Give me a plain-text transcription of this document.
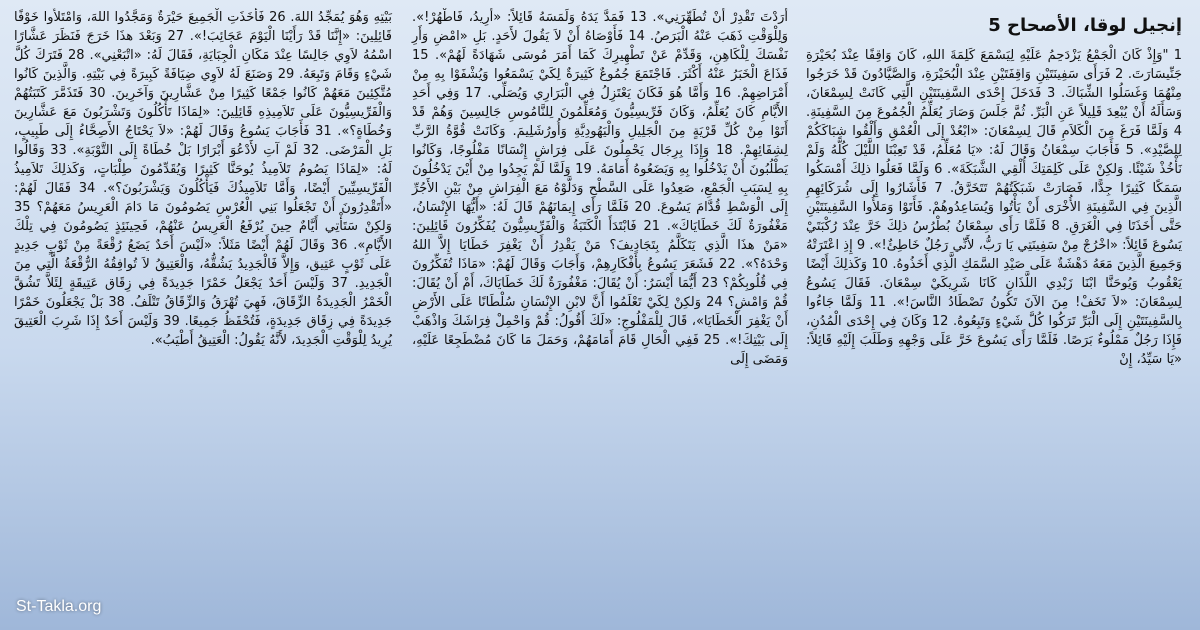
إنجيل لوقا، الأصحاح 5
1 "وَإِذْ كَانَ الْجَمْعُ يَزْدَحِمُ عَلَيْهِ لِيَسْمَعَ كَلِمَةَ اللهِ، كَانَ وَاقِفًا عِنْدَ بُحَيْرَةِ جَنِّيسَارَتَ. 2 فَرَأَى سَفِينَتَيْنِ وَاقِفَتَيْنِ عِنْدَ الْبُحَيْرَةِ، وَالصَّيَّادُونَ قَدْ خَرَجُوا مِنْهُمَا وَغَسَلُوا الشِّبَاكَ. 3 فَدَخَلَ إِحْدَى السَّفِينَتَيْنِ الَّتِي كَانَتْ لِسِمْعَانَ، وَسَأَلَهُ أَنْ يُبْعِدَ قَلِيلاً عَنِ الْبَرِّ. ثُمَّ جَلَسَ وَصَارَ يُعَلِّمُ الْجُمُوعَ مِنَ السَّفِينَةِ. 4 وَلَمَّا فَرَغَ مِنَ الْكَلاَمِ قَالَ لِسِمْعَانَ: «ابْعُدْ إِلَى الْعُمْقِ وَأَلْقُوا شِبَاكَكُمْ لِلصَّيْدِ». 5 فَأَجَابَ سِمْعَانُ وَقَالَ لَهُ: «يَا مُعَلِّمُ، قَدْ تَعِبْنَا اللَّيْلَ كُلَّهُ وَلَمْ نَأْخُذْ شَيْئًا. وَلكِنْ عَلَى كَلِمَتِكَ أُلْقِي الشَّبَكَةَ». 6 وَلَمَّا فَعَلُوا ذلِكَ أَمْسَكُوا سَمَكًا كَثِيرًا جِدًّا، فَصَارَتْ شَبَكَتُهُمْ تَتَخَرَّقُ. 7 فَأَشَارُوا إِلَى شُرَكَائِهِمِ الَّذِينَ فِي السَّفِينَةِ الأُخْرَى أَنْ يَأْتُوا وَيُسَاعِدُوهُمْ. فَأَتَوْا وَمَلأُوا السَّفِينَتَيْنِ حَتَّى أَخَذَتَا فِي الْغَرَقِ. 8 فَلَمَّا رَأَى سِمْعَانُ بُطْرُسُ ذلِكَ خَرَّ عِنْدَ رُكْبَتَيْ يَسُوعَ قَائِلاً: «اخْرُجْ مِنْ سَفِينَتِي يَا رَبُّ، لأَنِّي رَجُلٌ خَاطِئٌ!». 9 إِذِ اعْتَرَتْهُ وَجَمِيعَ الَّذِينَ مَعَهُ دَهْشَةٌ عَلَى صَيْدِ السَّمَكِ الَّذِي أَخَذُوهُ. 10 وَكَذلِكَ أَيْضًا يَعْقُوبُ وَيُوحَنَّا ابْنَا زَبْدِي اللَّذَانِ كَانَا شَرِيكَيْ سِمْعَانَ. فَقَالَ يَسُوعُ لِسِمْعَانَ: «لاَ تَخَفْ! مِنَ الآنَ تَكُونُ تَصْطَادُ النَّاسَ!». 11 وَلَمَّا جَاءُوا بِالسَّفِينَتَيْنِ إِلَى الْبَرِّ تَرَكُوا كُلَّ شَيْءٍ وَتَبِعُوهُ. 12 وَكَانَ فِي إِحْدَى الْمُدُنِ، فَإِذَا رَجُلٌ مَمْلُوءٌ بَرَصًا. فَلَمَّا رَأَى يَسُوعَ خَرَّ عَلَى وَجْهِهِ وَطَلَبَ إِلَيْهِ قَائِلاً: «يَا سَيِّدُ، إِنْ
أَرَدْتَ تَقْدِرْ أَنْ تُطَهِّرَنِي». 13 فَمَدَّ يَدَهُ وَلَمَسَهُ قَائِلاً: «أُرِيدُ، فَاطْهُرْ!». وَلِلْوَقْتِ ذَهَبَ عَنْهُ الْبَرَصُ. 14 فَأَوْصَاهُ أَنْ لاَ يَقُولَ لأَحَدٍ. بَلِ «امْضِ وَأَرِ نَفْسَكَ لِلْكَاهِنِ، وَقَدِّمْ عَنْ تَطْهِيرِكَ كَمَا أَمَرَ مُوسَى شَهَادَةً لَهُمْ». 15 فَذَاعَ الْخَبَرُ عَنْهُ أَكْثَرَ. فَاجْتَمَعَ جُمُوعٌ كَثِيرَةٌ لِكَيْ يَسْمَعُوا وَيُشْفَوْا بِهِ مِنْ أَمْرَاضِهِمْ. 16 وَأَمَّا هُوَ فَكَانَ يَعْتَزِلُ فِي الْبَرَارِي وَيُصَلِّي. 17 وَفِي أَحَدِ الأَيَّامِ كَانَ يُعَلِّمُ، وَكَانَ فَرِّيسِيُّونَ وَمُعَلِّمُونَ لِلنَّامُوسِ جَالِسِينَ وَهُمْ قَدْ أَتَوْا مِنْ كُلِّ قَرْيَةٍ مِنَ الْجَلِيلِ وَالْيَهُودِيَّةِ وَأُورُشَلِيمَ. وَكَانَتْ قُوَّةُ الرَّبِّ لِشِفَائِهِمْ. 18 وَإِذَا بِرِجَال يَحْمِلُونَ عَلَى فِرَاشٍ إِنْسَانًا مَفْلُوجًا، وَكَانُوا يَطْلُبُونَ أَنْ يَدْخُلُوا بِهِ وَيَضَعُوهُ أَمَامَهُ. 19 وَلَمَّا لَمْ يَجِدُوا مِنْ أَيْنَ يَدْخُلُونَ بِهِ لِسَبَبِ الْجَمْعِ، صَعِدُوا عَلَى السَّطْحِ وَدَلَّوْهُ مَعَ الْفِرَاشِ مِنْ بَيْنِ الأَجُرِّ إِلَى الْوَسْطِ قُدَّامَ يَسُوعَ. 20 فَلَمَّا رَأَى إِيمَانَهُمْ قَالَ لَهُ: «أَيُّهَا الإِنْسَانُ، مَغْفُورَةٌ لَكَ خَطَايَاكَ». 21 فَابْتَدَأَ الْكَتَبَةُ وَالْفَرِّيسِيُّونَ يُفَكِّرُونَ قَائِلِينَ: «مَنْ هذَا الَّذِي يَتَكَلَّمُ بِتَجَادِيفَ؟ مَنْ يَقْدِرُ أَنْ يَغْفِرَ خَطَايَا إِلاَّ اللهُ وَحْدَهُ؟». 22 فَشَعَرَ يَسُوعُ بِأَفْكَارِهِمْ، وَأَجَابَ وَقَالَ لَهُمْ: «مَاذَا تُفَكِّرُونَ فِي قُلُوبِكُمْ؟ 23 أَيُّمَا أَيْسَرُ: أَنْ يُقَالَ: مَغْفُورَةٌ لَكَ خَطَايَاكَ، أَمْ أَنْ يُقَالَ: قُمْ وَامْشِ؟ 24 وَلكِنْ لِكَيْ تَعْلَمُوا أَنَّ لابْنِ الإِنْسَانِ سُلْطَانًا عَلَى الأَرْضِ أَنْ يَغْفِرَ الْخَطَايَا»، قَالَ لِلْمَفْلُوجِ: «لَكَ أَقُولُ: قُمْ وَاحْمِلْ فِرَاشَكَ وَاذْهَبْ إِلَى بَيْتِكَ!». 25 فَفِي الْحَالِ قَامَ أَمَامَهُمْ، وَحَمَلَ مَا كَانَ مُضْطَجِعًا عَلَيْهِ، وَمَضَى إِلَى
بَيْتِهِ وَهُوَ يُمَجِّدُ اللهَ. 26 فَأَخَذَتِ الْجَمِيعَ حَيْرَةٌ وَمَجَّدُوا اللهَ، وَامْتَلأُوا خَوْفًا قَائِلِينَ: «إِنَّنَا قَدْ رَأَيْنَا الْيَوْمَ عَجَائِبَ!». 27 وَبَعْدَ هذَا خَرَجَ فَنَظَرَ عَشَّارًا اسْمُهُ لاَوِي جَالِسًا عِنْدَ مَكَانِ الْجِبَايَةِ، فَقَالَ لَهُ: «اتْبَعْنِي». 28 فَتَرَكَ كُلَّ شَيْءٍ وَقَامَ وَتَبِعَهُ. 29 وَصَنَعَ لَهُ لاَوِي ضِيَافَةً كَبِيرَةً فِي بَيْتِهِ. وَالَّذِينَ كَانُوا مُتَّكِئِينَ مَعَهُمْ كَانُوا جَمْعًا كَثِيرًا مِنْ عَشَّارِينَ وَآخَرِينَ. 30 فَتَذَمَّرَ كَتَبَتُهُمْ وَالْفَرِّيسِيُّونَ عَلَى تَلاَمِيذِهِ قَائِلِينَ: «لِمَاذَا تَأْكُلُونَ وَتَشْرَبُونَ مَعَ عَشَّارِينَ وَخُطَاةٍ؟». 31 فَأَجَابَ يَسُوعُ وَقَالَ لَهُمْ: «لاَ يَحْتَاجُ الأَصِحَّاءُ إِلَى طَبِيبٍ، بَلِ الْمَرْضَى. 32 لَمْ آتِ لأَدْعُوَ أَبْرَارًا بَلْ خُطَاةً إِلَى التَّوْبَةِ». 33 وَقَالُوا لَهُ: «لِمَاذَا يَصُومُ تَلاَمِيذُ يُوحَنَّا كَثِيرًا وَيُقَدِّمُونَ طِلْبَاتٍ، وَكَذلِكَ تَلاَمِيذُ الْفَرِّيسِيِّينَ أَيْضًا، وَأَمَّا تَلاَمِيذُكَ فَيَأْكُلُونَ وَيَشْرَبُونَ؟». 34 فَقَالَ لَهُمْ: «أَتَقْدِرُونَ أَنْ تَجْعَلُوا بَنِي الْعُرْسِ يَصُومُونَ مَا دَامَ الْعَرِيسُ مَعَهُمْ؟ 35 وَلكِنْ سَتَأْتِي أَيَّامٌ حِينَ يُرْفَعُ الْعَرِيسُ عَنْهُمْ، فَحِينَئِذٍ يَصُومُونَ فِي تِلْكَ الأَيَّامِ». 36 وَقَالَ لَهُمْ أَيْضًا مَثَلاً: «لَيْسَ أَحَدٌ يَضَعُ رُقْعَةً مِنْ ثَوْبٍ جَدِيدٍ عَلَى ثَوْبٍ عَتِيق، وَإِلاَّ فَالْجَدِيدُ يَشُقُّهُ، وَالْعَتِيقُ لاَ تُوافِقُهُ الرُّقْعَةُ الَّتِي مِنَ الْجَدِيدِ. 37 وَلَيْسَ أَحَدٌ يَجْعَلُ خَمْرًا جَدِيدَةً فِي زِقَاق عَتِيقَةٍ لِئَلاَّ تَشُقَّ الْخَمْرُ الْجَدِيدَةُ الزِّقَاقَ، فَهِيَ تُهْرَقُ وَالزِّقَاقُ تَتْلَفُ. 38 بَلْ يَجْعَلُونَ خَمْرًا جَدِيدَةً فِي زِقَاق جَدِيدَةٍ، فَتُحْفَظُ جَمِيعًا. 39 وَلَيْسَ أَحَدٌ إِذَا شَرِبَ الْعَتِيقَ يُرِيدُ لِلْوَقْتِ الْجَدِيدَ، لأَنَّهُ يَقُولُ: الْعَتِيقُ أَطْيَبُ».
St-Takla.org
